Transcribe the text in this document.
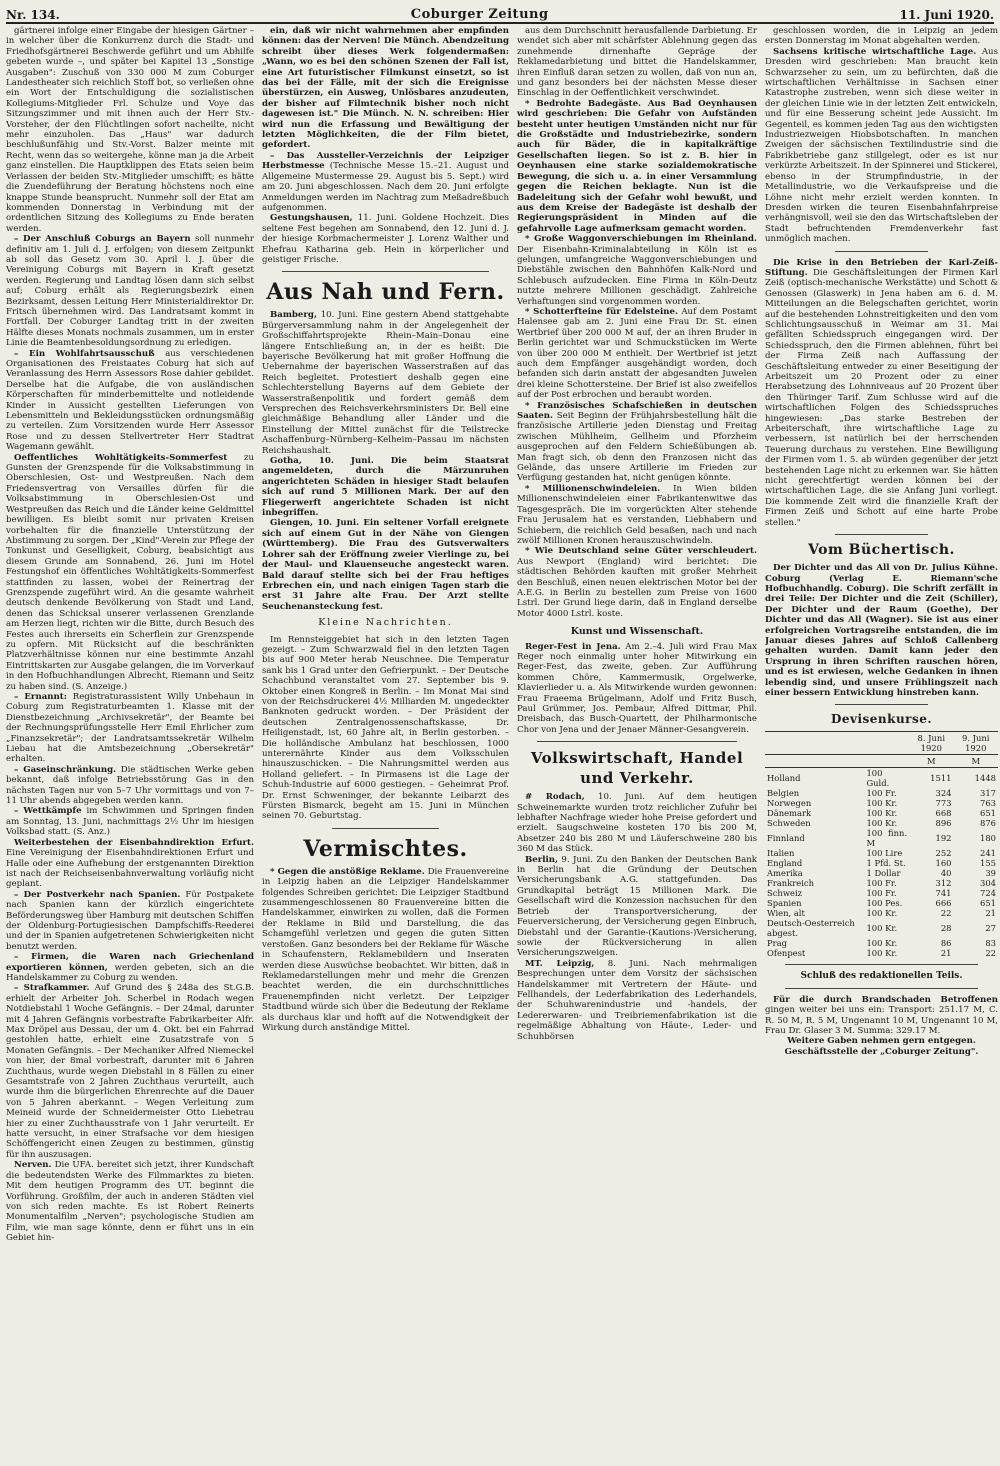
Nr. 134.	Coburger Zeitung	11. Juni 1920.

gärtnerei infolge einer Eingabe der hiesigen Gärtner – in welcher über die Konkurrenz durch die Stadt- und Friedhofsgärtnerei Beschwerde geführt und um Abhilfe gebeten wurde –, und später bei Kapitel 13 „Sonstige Ausgaben": Zuschuß von 330 000 M zum Coburger Landestheater sich reichlich Stoff bot, so verließen ohne ein Wort der Entschuldigung die sozialistischen Kollegiums-Mitglieder Frl. Schulze und Voye das Sitzungszimmer und mit ihnen auch der Herr Stv.-Vorsteher, der den Flüchtlingen sofort nacheilte, nicht mehr einzuholen. Das „Haus" war dadurch beschlußunfähig und Stv.-Vorst. Balzer meinte mit Recht, wenn das so weitergehe, könne man ja die Arbeit ganz einstellen. Die Hauptklippen des Etats seien beim Verlassen der beiden Stv.-Mitglieder umschifft; es hätte die Zuendeführung der Beratung höchstens noch eine knappe Stunde beansprucht. Nunmehr soll der Etat am kommenden Donnerstag in Verbindung mit der ordentlichen Sitzung des Kollegiums zu Ende beraten werden.

– Der Anschluß Coburgs an Bayern soll nunmehr definitiv am 1. Juli d. J. erfolgen; von diesem Zeitpunkt ab soll das Gesetz vom 30. April l. J. über die Vereinigung Coburgs mit Bayern in Kraft gesetzt werden. Regierung und Landtag lösen dann sich selbst auf; Coburg erhält als Regierungsbezirk einen Bezirksamt, dessen Leitung Herr Ministerialdirektor Dr. Fritsch übernehmen wird. Das Landratsamt kommt in Fortfall. Der Coburger Landtag tritt in der zweiten Hälfte dieses Monats nochmals zusammen, um in erster Linie die Beamtenbesoldungsordnung zu erledigen.

– Ein Wohlfahrtsausschuß aus verschiedenen Organisationen des Freistaates Coburg hat sich auf Veranlassung des Herrn Assessors Rose dahier gebildet. Derselbe hat die Aufgabe, die von ausländischen Körperschaften für minderbemittelte und notleidende Kinder in Aussicht gestellten Lieferungen von Lebensmitteln und Bekleidungsstücken ordnungsmäßig zu verteilen. Zum Vorsitzenden wurde Herr Assessor Rose und zu dessen Stellvertreter Herr Stadtrat Wagemann gewählt.

Oeffentliches Wohltätigkeits-Sommerfest zu Gunsten der Grenzspende für die Volksabstimmung in Oberschlesien, Ost- und Westpreußen. Nach dem Friedensvertrag von Versailles dürfen für die Volksabstimmung in Oberschlesien-Ost und Westpreußen das Reich und die Länder keine Geldmittel bewilligen. Es bleibt somit nur privaten Kreisen vorbehalten für die finanzielle Unterstützung der Abstimmung zu sorgen. Der „Kind"-Verein zur Pflege der Tonkunst und Geselligkeit, Coburg, beabsichtigt aus diesem Grunde am Sonnabend, 26. Juni im Hotel Festungshof ein öffentliches Wohltätigkeits-Sommerfest stattfinden zu lassen, wobei der Reinertrag der Grenzspende zugeführt wird. An die gesamte wahrheit deutsch denkende Bevölkerung von Stadt und Land, denen das Schicksal unserer verlassenen Grenzlande am Herzen liegt, richten wir die Bitte, durch Besuch des Festes auch ihrerseits ein Scherflein zur Grenzspende zu opfern. Mit Rücksicht auf die beschränkten Platzverhältnisse können nur eine bestimmte Anzahl Eintrittskarten zur Ausgabe gelangen, die im Vorverkauf in den Hofbuchhandlungen Albrecht, Riemann und Seitz zu haben sind. (S. Anzeige.)

– Ernannt: Registraturassistent Willy Unbehaun in Coburg zum Registraturbeamten 1. Klasse mit der Dienstbezeichnung „Archivsekretär", der Beamte bei der Rechnungsprüfungsstelle Herr Emil Ehrlicher zum „Finanzsekretär"; der Landratsamtssekretär Wilhelm Liebau hat die Amtsbezeichnung „Obersekretär" erhalten.

– Gaseinschränkung. Die städtischen Werke geben bekannt, daß infolge Betriebsstörung Gas in den nächsten Tagen nur von 5–7 Uhr vormittags und von 7–11 Uhr abends abgegeben werden kann.

– Wettkämpfe im Schwimmen und Springen finden am Sonntag, 13. Juni, nachmittags 2½ Uhr im hiesigen Volksbad statt. (S. Anz.)

Weiterbestehen der Eisenbahndirektion Erfurt. Eine Vereinigung der Eisenbahndirektionen Erfurt und Halle oder eine Aufhebung der erstgenannten Direktion ist nach der Reichseisenbahnverwaltung vorläufig nicht geplant.

– Der Postverkehr nach Spanien. Für Postpakete nach Spanien kann der kürzlich eingerichtete Beförderungsweg über Hamburg mit deutschen Schiffen der Oldenburg-Portugiesischen Dampfschiffs-Reederei und der in Spanien aufgetretenen Schwierigkeiten nicht benutzt werden.

– Firmen, die Waren nach Griechenland exportieren können, werden gebeten, sich an die Handelskammer zu Coburg zu wenden.

– Strafkammer. Auf Grund des § 248a des St.G.B. erhielt der Arbeiter Joh. Scherbel in Rodach wegen Notdiebstahl 1 Woche Gefängnis. – Der 24mal, darunter mit 4 Jahren Gefängnis vorbestrafte Fabrikarbeiter Alfr. Max Dröpel aus Dessau, der um 4. Okt. bei ein Fahrrad gestohlen hatte, erhielt eine Zusatzstrafe von 5 Monaten Gefängnis. – Der Mechaniker Alfred Niemeckel von hier, der 8mal vorbestraft, darunter mit 6 Jahren Zuchthaus, wurde wegen Diebstahl in 8 Fällen zu einer Gesamtstrafe von 2 Jahren Zuchthaus verurteilt, auch wurde ihm die bürgerlichen Ehrenrechte auf die Dauer von 5 Jahren aberkannt. – Wegen Verleitung zum Meineid wurde der Schneidermeister Otto Liebetrau hier zu einer Zuchthausstrafe von 1 Jahr verurteilt. Er hatte versucht, in einer Strafsache vor dem hiesigen Schöffengericht einen Zeugen zu bestimmen, günstig für ihn auszusagen.

Nerven. Die UFA. bereitet sich jetzt, ihrer Kundschaft die bedeutendsten Werke des Filmmarktes zu bieten. Mit dem heutigen Programm des UT. beginnt die Vorführung. Großfilm, der auch in anderen Städten viel von sich reden machte. Es ist Robert Reinerts Monumentalfilm „Nerven"; psychologische Studien am Film, wie man sage könnte, denn er führt uns in ein Gebiet hin-

ein, daß wir nicht wahrnehmen aber empfinden können: das der Nerven! Die Münch. Abendzeitung schreibt über dieses Werk folgendermaßen: „Wann, wo es bei den schönen Szenen der Fall ist, eine Art futuristischer Filmkunst einsetzt, so ist das bei der Fälle, mit der sich die Ereignisse überstürzen, ein Ausweg, Unlösbares anzudeuten, der bisher auf Filmtechnik bisher noch nicht dagewesen ist." Die Münch. N. N. schreiben: Hier wird nun die Erfassung und Bewältigung der letzten Möglichkeiten, die der Film bietet, gefordert.

– Das Aussteller-Verzeichnis der Leipziger Herbstmesse (Technische Messe 15.–21. August und Allgemeine Mustermesse 29. August bis 5. Sept.) wird am 20. Juni abgeschlossen. Nach dem 20. Juni erfolgte Anmeldungen werden im Nachtrag zum Meßadreßbuch aufgenommen.

Gestungshausen, 11. Juni. Goldene Hochzeit. Dies seltene Fest begehen am Sonnabend, den 12. Juni d. J. der hiesige Korbmachermeister J. Lorenz Walther und Ehefrau Katharina geb. Hein in körperlicher und geistiger Frische.

Aus Nah und Fern.

Bamberg, 10. Juni. Eine gestern Abend stattgehabte Bürgerversammlung nahm in der Angelegenheit der Großschiffahrtsprojekte Rhein–Main–Donau eine längere Entschließung an, in der es heißt: Die bayerische Bevölkerung hat mit großer Hoffnung die Uebernahme der bayerischen Wasserstraßen auf das Reich begleitet. Protestiert deshalb gegen eine Schlechterstellung Bayerns auf dem Gebiete der Wasserstraßenpolitik und fordert gemäß dem Versprechen des Reichsverkehrsministers Dr. Bell eine gleichmäßige Behandlung aller Länder und die Einstellung der Mittel zunächst für die Teilstrecke Aschaffenburg–Nürnberg–Kelheim–Passau im nächsten Reichshaushalt.

Gotha, 10. Juni. Die beim Staatsrat angemeldeten, durch die Märzunruhen angerichteten Schäden in hiesiger Stadt belaufen sich auf rund 5 Millionen Mark. Der auf den Fliegerwerft angerichtete Schaden ist nicht inbegriffen.

Giengen, 10. Juni. Ein seltener Vorfall ereignete sich auf einem Gut in der Nähe von Giengen (Württemberg). Die Frau des Gutsverwalters Lohrer sah der Eröffnung zweier Vierlinge zu, bei der Maul- und Klauenseuche angesteckt waren. Bald darauf stellte sich bei der Frau heftiges Erbrechen ein, und nach einigen Tagen starb die erst 31 Jahre alte Frau. Der Arzt stellte Seuchenansteckung fest.

Kleine Nachrichten.

Im Rennsteiggebiet hat sich in den letzten Tagen gezeigt. – Zum Schwarzwald fiel in den letzten Tagen bis auf 900 Meter herab Neuschnee. Die Temperatur sank bis 1 Grad unter den Gefrierpunkt. – Der Deutsche Schachbund veranstaltet vom 27. September bis 9. Oktober einen Kongreß in Berlin. – Im Monat Mai sind von der Reichsdruckerei 4½ Milliarden M. ungedeckter Banknoten gedruckt worden. – Der Präsident der deutschen Zentralgenossenschaftskasse, Dr. Heiligenstadt, ist, 60 Jahre alt, in Berlin gestorben. – Die holländische Ambulanz hat beschlossen, 1000 unterernährte Kinder aus dem Volksschulen hinauszuschicken. – Die Nahrungsmittel werden aus Holland geliefert. – In Pirmasens ist die Lage der Schuh-Industrie auf 6000 gestiegen. – Geheimrat Prof. Dr. Ernst Schweninger, der bekannte Leibarzt des Fürsten Bismarck, begeht am 15. Juni in München seinen 70. Geburtstag.

Vermischtes.

* Gegen die anstößige Reklame. Die Frauenvereine in Leipzig haben an die Leipziger Handelskammer folgendes Schreiben gerichtet: Die Leipziger Stadtbund zusammengeschlossenen 80 Frauenvereine bitten die Handelskammer, einwirken zu wollen, daß die Formen der Reklame in Bild und Darstellung, die das Schamgefühl verletzen und gegen die guten Sitten verstoßen. Ganz besonders bei der Reklame für Wäsche in Schaufenstern, Reklamebildern und Inseraten werden diese Auswüchse beobachtet. Wir bitten, daß in Reklamedarstellungen mehr und mehr die Grenzen beachtet werden, die ein durchschnittliches Frauenempfinden nicht verletzt. Der Leipziger Stadtbund würde sich über die Bedeutung der Reklame als durchaus klar und hofft auf die Notwendigkeit der Wirkung durch anständige Mittel.

aus dem Durchschnitt herausfallende Darbietung. Er wendet sich aber mit schärfster Ablehnung gegen das zunehmende dirnenhafte Gepräge der Reklamedarbietung und bittet die Handelskammer, ihren Einfluß daran setzen zu wollen, daß von nun an, und ganz besonders bei der nächsten Messe dieser Einschlag in der Oeffentlichkeit verschwindet.

* Bedrohte Badegäste. Aus Bad Oeynhausen wird geschrieben: Die Gefahr von Aufständen besteht unter heutigen Umständen nicht nur für die Großstädte und Industriebezirke, sondern auch für Bäder, die in kapitalkräftige Gesellschaften liegen. So ist z. B. hier in Oeynhausen eine starke sozialdemokratische Bewegung, die sich u. a. in einer Versammlung gegen die Reichen beklagte. Nun ist die Badeleitung sich der Gefahr wohl bewußt, und aus dem Kreise der Badegäste ist deshalb der Regierungspräsident in Minden auf die gefahrvolle Lage aufmerksam gemacht worden.

* Große Waggonverschiebungen im Rheinland. Der Eisenbahn-Kriminalabteilung in Köln ist es gelungen, umfangreiche Waggonverschiebungen und Diebstähle zwischen den Bahnhöfen Kalk-Nord und Schlebusch aufzudecken. Eine Firma in Köln-Deutz nutzte mehrere Millionen geschädigt. Zahlreiche Verhaftungen sind vorgenommen worden.

* Schotterfteine für Edelsteine. Auf dem Postamt Halensee gab am 2. Juni eine Frau Dr. St. einen Wertbrief über 200 000 M auf, der an ihren Bruder in Berlin gerichtet war und Schmuckstücken im Werte von über 200 000 M enthielt. Der Wertbrief ist jetzt auch dem Empfänger ausgehändigt worden, doch befanden sich darin anstatt der abgesandten Juwelen drei kleine Schottersteine. Der Brief ist also zweifellos auf der Post erbrochen und beraubt worden.

* Französisches Schafschießen in deutschen Saaten. Seit Beginn der Frühjahrsbestellung hält die französische Artillerie jeden Dienstag und Freitag zwischen Mühlheim, Gellheim und Pforzheim ausgeprochen auf den Feldern Schießübungen ab. Man fragt sich, ob denn den Franzosen nicht das Gelände, das unsere Artillerie im Frieden zur Verfügung gestanden hat, nicht genügen könnte.

* Millionenschwindeleien. In Wien bilden Millionenschwindeleien einer Fabrikantenwitwe das Tagesgespräch. Die im vorgerückten Alter stehende Frau Jerusalem hat es verstanden, Liebhabern und Schiebern, die reichlich Geld besaßen, nach und nach zwölf Millionen Kronen herauszuschwindeln.

* Wie Deutschland seine Güter verschleudert. Aus Newport (England) wird berichtet: Die städtischen Behörden kauften mit großer Mehrheit den Beschluß, einen neuen elektrischen Motor bei der A.E.G. in Berlin zu bestellen zum Preise von 1600 Lstrl. Der Grund liege darin, daß in England derselbe Motor 4000 Lstrl. koste.

Kunst und Wissenschaft.

Reger-Fest in Jena. Am 2.–4. Juli wird Frau Max Reger noch einmalig unter hoher Mitwirkung ein Reger-Fest, das zweite, geben. Zur Aufführung kommen Chöre, Kammermusik, Orgelwerke, Klavierlieder u. a. Als Mitwirkende wurden gewonnen: Frau Fraeema Brügelmann, Adolf und Fritz Busch, Paul Grümmer, Jos. Pembaur, Alfred Dittmar, Phil. Dreisbach, das Busch-Quartett, der Philharmonische Chor von Jena und der Jenaer Männer-Gesangverein.

Volkswirtschaft, Handel und Verkehr.

# Rodach, 10. Juni. Auf dem heutigen Schweinemarkte wurden trotz reichlicher Zufuhr bei lebhafter Nachfrage wieder hohe Preise gefordert und erzielt. Saugschweine kosteten 170 bis 200 M, Absetzer 240 bis 280 M und Läuferschweine 280 bis 360 M das Stück.

Berlin, 9. Juni. Zu den Banken der Deutschen Bank in Berlin hat die Gründung der Deutschen Versicherungsbank A.G. stattgefunden. Das Grundkapital beträgt 15 Millionen Mark. Die Gesellschaft wird die Konzession nachsuchen für den Betrieb der Transportversicherung, der Feuerversicherung, der Versicherung gegen Einbruch, Diebstahl und der Garantie-(Kautions-)Versicherung, sowie der Rückversicherung in allen Versicherungszweigen.

MT. Leipzig, 8. Juni. Nach mehrmaligen Besprechungen unter dem Vorsitz der sächsischen Handelskammer mit Vertretern der Häute- und Fellhandels, der Lederfabrikation des Lederhandels, der Schuhwarenindustrie und -handels, der Ledererwaren- und Treibriemenfabrikation ist die regelmäßige Abhaltung von Häute-, Leder- und Schuhbörsen

geschlossen worden, die in Leipzig an jedem ersten Donnerstag im Monat abgehalten werden.

Sachsens kritische wirtschaftliche Lage. Aus Dresden wird geschrieben: Man braucht kein Schwarzseher zu sein, um zu befürchten, daß die wirtschaftlichen Verhältnisse in Sachsen einer Katastrophe zustreben, wenn sich diese weiter in der gleichen Linie wie in der letzten Zeit entwickeln, und für eine Besserung scheint jede Aussicht. Im Gegenteil, es kommen jeden Tag aus den wichtigsten Industriezweigen Hiobsbotschaften. In manchen Zweigen der sächsischen Textilindustrie sind die Fabrikbetriebe ganz stillgelegt, oder es ist nur verkürzte Arbeitszeit. In der Spinnerei und Stickerei, ebenso in der Strumpfindustrie, in der Metallindustrie, wo die Verkaufspreise und die Löhne nicht mehr erzielt werden konnten. In Dresden wirken die teuren Eisenbahnfahrpreise verhängnisvoll, weil sie den das Wirtschaftsleben der Stadt befruchtenden Fremdenverkehr fast unmöglich machen.

Die Krise in den Betrieben der Karl-Zeiß-Stiftung. Die Geschäftsleitungen der Firmen Karl Zeiß (optisch-mechanische Werkstätte) und Schott & Genossen (Glaswerk) in Jena haben am 6. d. M. Mitteilungen an die Belegschaften gerichtet, worin auf die bestehenden Lohnstreitigkeiten und den vom Schlichtungsausschuß in Weimar am 31. Mai gefällten Schiedsspruch eingegangen wird. Der Schiedsspruch, den die Firmen ablehnen, führt bei der Firma Zeiß nach Auffassung der Geschäftsleitung entweder zu einer Beseitigung der Arbeitszeit um 20 Prozent oder zu einer Herabsetzung des Lohnniveaus auf 20 Prozent über den Thüringer Tarif. Zum Schlusse wird auf die wirtschaftlichen Folgen des Schiedsspruches hingewiesen: „Das starke Bestreben der Arbeiterschaft, ihre wirtschaftliche Lage zu verbessern, ist natürlich bei der herrschenden Teuerung durchaus zu verstehen. Eine Bewilligung der Firmen vom 1. 5. ab würden gegenüber der jetzt bestehenden Lage nicht zu erkennen war. Sie hätten nicht gerechtfertigt werden können bei der wirtschaftlichen Lage, die sie Anfang Juni vorliegt. Die kommende Zeit wird die finanzielle Kraft der Firmen Zeiß und Schott auf eine harte Probe stellen."

Vom Büchertisch.

Der Dichter und das All von Dr. Julius Kühne. Coburg (Verlag E. Riemann'sche Hofbuchhandlg. Coburg). Die Schrift zerfällt in drei Teile: Der Dichter und die Zeit (Schiller), Der Dichter und der Raum (Goethe), Der Dichter und das All (Wagner). Sie ist aus einer erfolgreichen Vortragsreihe entstanden, die im Januar dieses Jahres auf Schloß Callenberg gehalten wurden. Damit kann jeder den Ursprung in ihren Schriften rauschen hören, und es ist erwiesen, welche Gedanken in ihnen lebendig sind, und unsere Frühlingszeit nach einer bessern Entwicklung hinstreben kann.

Devisenkurse.
		8. Juni 1920	9. Juni 1920
		M	M
Holland	100 Guld.	1511	1448
Belgien	100 Fr.	324	317
Norwegen	100 Kr.	773	763
Dänemark	100 Kr.	668	651
Schweden	100 Kr.	896	876
Finnland	100 finn. M	192	180
Italien	100 Lire	252	241
England	1 Pfd. St.	160	155
Amerika	1 Dollar	40	39
Frankreich	100 Fr.	312	304
Schweiz	100 Fr.	741	724
Spanien	100 Pes.	666	651
Wien, alt	100 Kr.	22	21
Deutsch-Oesterreich abgest.	100 Kr.	28	27
Prag	100 Kr.	86	83
Ofenpest	100 Kr.	21	22
Schluß des redaktionellen Teils.

Für die durch Brandschaden Betroffenen gingen weiter bei uns ein: Transport: 251.17 M, C. R. 50 M, R. 5 M, Ungenannt 10 M, Ungenannt 10 M, Frau Dr. Glaser 3 M. Summa: 329.17 M.

Weitere Gaben nehmen gern entgegen.

Geschäftsstelle der „Coburger Zeitung".
